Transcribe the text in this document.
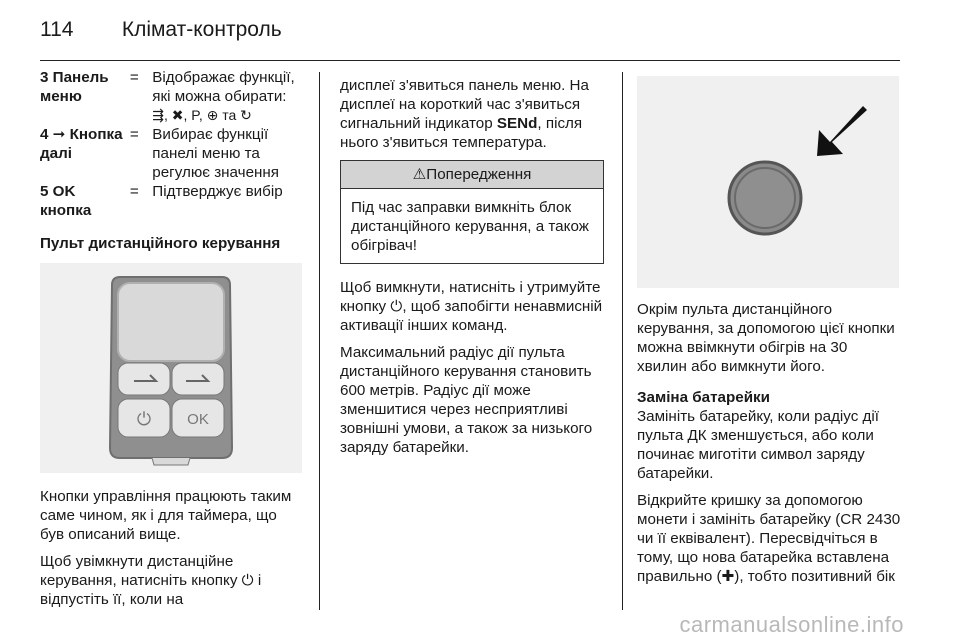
114 Клімат-контроль
3 Панель меню
= Відображає функції, які можна обирати: ⇶, ✖, P, ⊕ та ↻
4 ➞ Кнопка далі
= Вибирає функції панелі меню та регулює значення
5 OK кнопка
= Підтверджує вибір

Пульт дистанційного керування

⏻ OK

Кнопки управління працюють таким саме чином, як і для таймера, що був описаний вище.

Щоб увімкнути дистанційне керування, натисніть кнопку ⏻ і відпустіть її, коли на

дисплеї з'явиться панель меню. На дисплеї на короткий час з'явиться сигнальний індикатор SENd, після нього з'явиться температура.

⚠Попередження
Під час заправки вимкніть блок дистанційного керування, а також обігрівач!

Щоб вимкнути, натисніть і утримуйте кнопку ⏻, щоб запобігти ненавмисній активації інших команд.

Максимальний радіус дії пульта дистанційного керування становить 600 метрів. Радіус дії може зменшитися через несприятливі зовнішні умови, а також за низького заряду батарейки.

Окрім пульта дистанційного керування, за допомогою цієї кнопки можна ввімкнути обігрів на 30 хвилин або вимкнути його.

Заміна батарейки

Замініть батарейку, коли радіус дії пульта ДК зменшується, або коли починає миготіти символ заряду батарейки.

Відкрийте кришку за допомогою монети і замініть батарейку (CR 2430 чи її еквівалент). Пересвідчіться в тому, що нова батарейка вставлена правильно (✚), тобто позитивний бік

carmanualsonline.info
